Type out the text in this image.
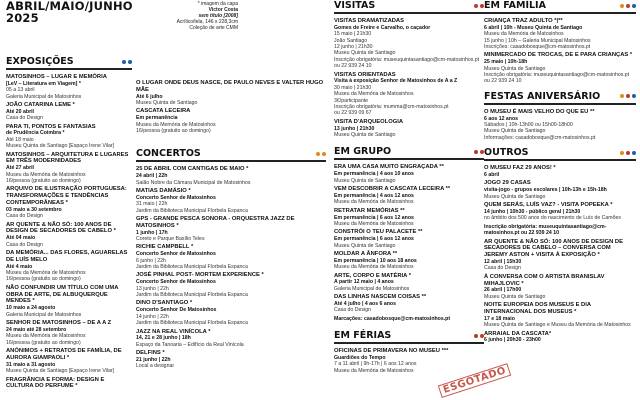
ABRIL/MAIO/JUNHO
2025
EXPOSIÇÕES
MATOSINHOS – LUGAR E MEMÓRIA
[LeV – Literatura em Viagem] *
05 a 13 abril
Galeria Municipal de Matosinhos
JOÃO CATARINA LEME *
Até 20 abril
Casa do Design
PARA TI, PONTOS E FANTASIAS
de Prudência Coimbra *
Até 18 maio
Museu Quinta de Santiago [Espaço Irene Vilar]
MATOSINHOS – ARQUITETURA E LUGARES EM TRÊS MODERNIDADES
Até 27 abril
Museu da Memória de Matosinhos
16/pessoa (gratuito ao domingo)
ARQUIVO DE ILUSTRAÇÃO PORTUGUESA: TRANSFORMAÇÕES E TENDÊNCIAS CONTEMPORÂNEAS *
03 maio a 30 setembro
Casa do Design
AR QUENTE & NÃO SÓ: 100 ANOS DE DESIGN DE SECADORES DE CABELO *
Até 04 maio
Casa do Design
DA MEMÓRIA... DAS FLORES, AGUARELAS DE LUÍS MELO
Até 4 maio
Museu da Memória de Matosinhos
16/pessoa (gratuito ao domingo)
NÃO CONFUNDIR UM TÍTULO COM UMA OBRA DE ARTE, DE ALBUQUERQUE MENDES *
10 maio a 24 agosto
Galeria Municipal de Matosinhos
SENHOR DE MATOSINHOS – DE A A Z
24 maio até 28 setembro
Museu da Memória de Matosinhos
16/pessoa (gratuito ao domingo)
ANÓNIMOS + RETRATOS DE FAMÍLIA, DE AURORA GIAMPAOLI *
31 maio a 31 agosto
Museu Quinta de Santiago [Espaço Irene Vilar]
FRAGRÂNCIA E FORMA: DESIGN E CULTURA DO PERFUME *
* imagem da capa
Victor Costa
sem título [2008]
Acrílico/tela, 146 x 228,3cm
Coleção de arte CMM
O LUGAR ONDE DEUS NASCE, DE PAULO NEVES E VALTER HUGO MÃE
Até 6 julho
Museu Quinta de Santiago
CASCATA LECEIRA
Em permanência
Museu da Memória de Matosinhos
16/pessoa (gratuito ao domingo)
CONCERTOS
25 DE ABRIL COM CANTIGAS DE MAIO *
24 abril | 22h
Salão Nobre da Câmara Municipal de Matosinhos
MATIAS DAMÁSIO *
Concerto Senhor de Matosinhos
31 maio | 22h
Jardim da Biblioteca Municipal Florbela Espanca
GPS - GRANDE PESCA SONORA - ORQUESTRA JAZZ DE MATOSINHOS *
1 junho | 17h
Coreto e Parque Basílio Teles
RICHIE CAMPBELL *
Concerto Senhor de Matosinhos
6 junho | 22h
Jardim da Biblioteca Municipal Florbela Espanca
JOSÉ PINHAL POST- MORTEM EXPERIENCE *
Concerto Senhor de Matosinhos
13 junho | 22h
Jardim da Biblioteca Municipal Florbela Espanca
DINO D'SANTIAGO *
Concerto Senhor De Matosinhos
14 junho | 22h
Jardim da Biblioteca Municipal Florbela Espanca
JAZZ NA REAL VINÍCOLA *
14, 21 e 28 junho | 18h
Espaço da Tanoaria – Edifício da Real Vinícola
DELFINS *
21 junho | 22h
Local a designar
VISITAS
VISITAS DRAMATIZADAS
Gomes de Freire e Carvalho, o caçador
15 maio | 21h30
João Santiago
12 junho | 21h30
Museu Quinta de Santiago
Inscrição obrigatória: museuquintasantiago@cm-matosinhos.pt
ou 22 939 24 10
VISITAS ORIENTADAS
Visita à exposição Senhor de Matosinhos de A a Z
30 maio | 21h30
Museu da Memória de Matosinhos
3€/participante
Inscrição obrigatória: mumma@cm-matosinhos.pt
ou 22 939 09 67
VISITA D'ARQUEOLOGIA
13 junho | 21h30
Museu Quinta de Santiago
EM GRUPO
ERA UMA CASA MUITO ENGRAÇADA **
Em permanência | 4 aos 10 anos
Museu Quinta de Santiago
VEM DESCOBRIR A CASCATA LECEIRA **
Em permanência | 4 aos 12 anos
Museu da Memória de Matosinhos
RETRATAR MEMÓRIAS **
Em permanência | 6 aos 12 anos
Museu da Memória de Matosinhos
CONSTRÓI O TEU PALACETE **
Em permanência | 6 aos 12 anos
Museu Quinta de Santiago
MOLDAR A ÂNFORA **
Em permanência | 10 aos 18 anos
Museu da Memória de Matosinhos
ARTE, CORPO E MATÉRIA *
A partir 12 maio | 4 anos
Galeria Municipal de Matosinhos
DAS LINHAS NASCEM COISAS **
Até 4 julho | 4 aos 6 anos
Casa do Design
Marcações: casadobosque@cm-matosinhos.pt
EM FÉRIAS
OFICINAS DE PRIMAVERA NO MUSEU ***
Guardiões do Tempo
7 a 11 abril | 9h-17h | 6 aos 12 anos
Museu da Memória de Matosinhos	ESGOTADO
EM FAMÍLIA
CRIANÇA TRAZ ADULTO *|**
6 abril | 10h - Museu Quinta de Santiago
Museu da Memória de Matosinhos
15 junho | 10h – Galeria Municipal Matosinhos
Inscrições: casadobosque@cm-matosinhos.pt
MINIMERCADO DE TROCAS, DE E PARA CRIANÇAS *
25 maio | 10h-18h
Museu Quinta de Santiago
Inscrição obrigatória: museuquintasantiago@cm-matosinhos.pt ou 22 939 24 10
FESTAS ANIVERSÁRIO
O MUSEU É MAIS VELHO DO QUE EU **
6 aos 12 anos
Sábados | 10h-13h00 ou 15h00-18h00
Museu Quinta de Santiago
Informações: casadobosque@cm-matosinhos.pt
OUTROS
O MUSEU FAZ 29 ANOS! *
6 abril
JOGO 29 CASAS
visita-jogo - grupos escolares | 10h-13h e 15h-18h
Museu Quinta de Santiago
QUEM SERÁS, LUÍS VAZ? - VISITA POPEEKA *
14 junho | 10h30 - público geral | 21h30
no âmbito dos 500 anos do nascimento de Luís de Camões
Inscrição obrigatória: museuquintasantiago@cm-matosinhos.pt ou 22 939 24 10
AR QUENTE & NÃO SÓ: 100 ANOS DE DESIGN DE SECADORES DE CABELO – CONVERSA COM JEREMY ASTON + VISITA À EXPOSIÇÃO *
12 abril | 15h30
Casa do Design
À CONVERSA COM O ARTISTA BRANISLAV MIHAJLOVIC *
26 abril | 17h00
Museu Quinta de Santiago
NOITE EUROPEIA DOS MUSEUS E DIA INTERNACIONAL DOS MUSEUS *
17 e 18 maio
Museu Quinta de Santiago e Museu da Memória de Matosinhos
ARRAIAL DA CASCATA*
6 junho | 20h30 - 23h00
